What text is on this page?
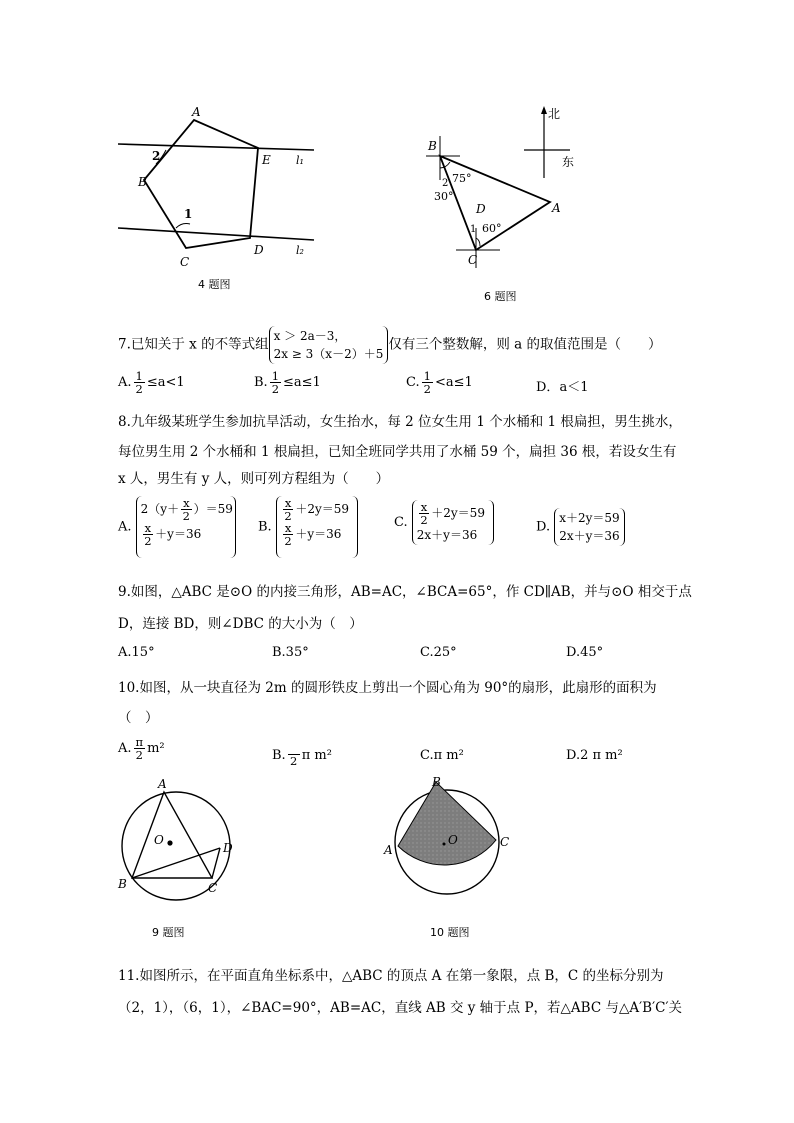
A
2	E l₁
B
1
C
D	l₂
4 题图
北
东
B
75°
2
30°
A
D
1 60°
C
6 题图
7.已知关于 x 的不等式组
x ＞ 2a－3，
2x ≥ 3（x－2）＋5
仅有三个整数解，则 a 的取值范围是（　　）
A. $\frac{1}{2} \le a<1$	B. $\frac{1}{2} \le a\le 1$	C. $\frac{1}{2} <a\le 1$	D．a＜1
8.九年级某班学生参加抗旱活动，女生抬水，每 2 位女生用 1 个水桶和 1 根扁担，男生挑水，
每位男生用 2 个水桶和 1 根扁担，已知全班同学共用了水桶 59 个，扁担 36 根，若设女生有
x 人，男生有 y 人，则可列方程组为（　　）
A.
$2(y+ \frac{x}{2} )=59$
$\frac{x}{2} +y=36$	B.
$\frac{x}{2} +2y=59$
$\frac{x}{2} +y=36$
C. $\frac{x}{2} +2y=59$
2x＋y＝36
D.
x＋2y＝59
2x＋y＝36
9.如图，△ABC 是⊙O 的内接三角形，AB=AC，∠BCA=65°，作 CD∥AB，并与⊙O 相交于点
D，连接 BD，则∠DBC 的大小为（　）
A.15°	B.35°	C.25°	D.45°
10.如图，从一块直径为 2m 的圆形铁皮上剪出一个圆心角为 90°的扇形，此扇形的面积为
（　）
A. $\frac{\pi}{2} m^2$	B. 2 π m²	C.π m²	D.2 π m²
A
O
D
B	C
9 题图
B
O
A
C
10 题图
11.如图所示，在平面直角坐标系中，△ABC 的顶点 A 在第一象限，点 B，C 的坐标分别为
（2，1），（6，1），∠BAC=90°，AB=AC，直线 AB 交 y 轴于点 P，若△ABC 与△A′B′C′关
